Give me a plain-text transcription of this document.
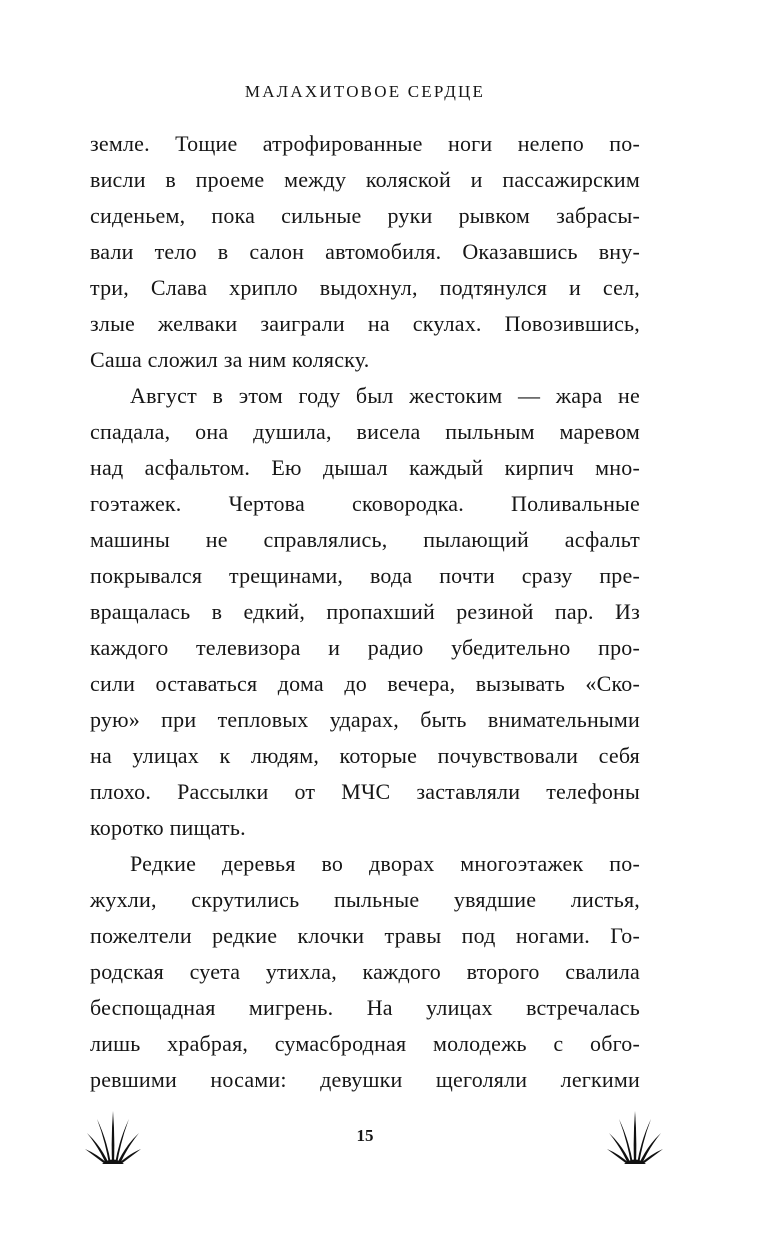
МАЛАХИТОВОЕ СЕРДЦЕ

земле. Тощие атрофированные ноги нелепо по-
висли в проеме между коляской и пассажирским
сиденьем, пока сильные руки рывком забрасы-
вали тело в салон автомобиля. Оказавшись вну-
три, Слава хрипло выдохнул, подтянулся и сел,
злые желваки заиграли на скулах. Повозившись,
Саша сложил за ним коляску.

Август в этом году был жестоким — жара не
спадала, она душила, висела пыльным маревом
над асфальтом. Ею дышал каждый кирпич мно-
гоэтажек. Чертова сковородка. Поливальные
машины не справлялись, пылающий асфальт
покрывался трещинами, вода почти сразу пре-
вращалась в едкий, пропахший резиной пар. Из
каждого телевизора и радио убедительно про-
сили оставаться дома до вечера, вызывать «Ско-
рую» при тепловых ударах, быть внимательными
на улицах к людям, которые почувствовали себя
плохо. Рассылки от МЧС заставляли телефоны
коротко пищать.

Редкие деревья во дворах многоэтажек по-
жухли, скрутились пыльные увядшие листья,
пожелтели редкие клочки травы под ногами. Го-
родская суета утихла, каждого второго свалила
беспощадная мигрень. На улицах встречалась
лишь храбрая, сумасбродная молодежь с обго-
ревшими носами: девушки щеголяли легкими

15
